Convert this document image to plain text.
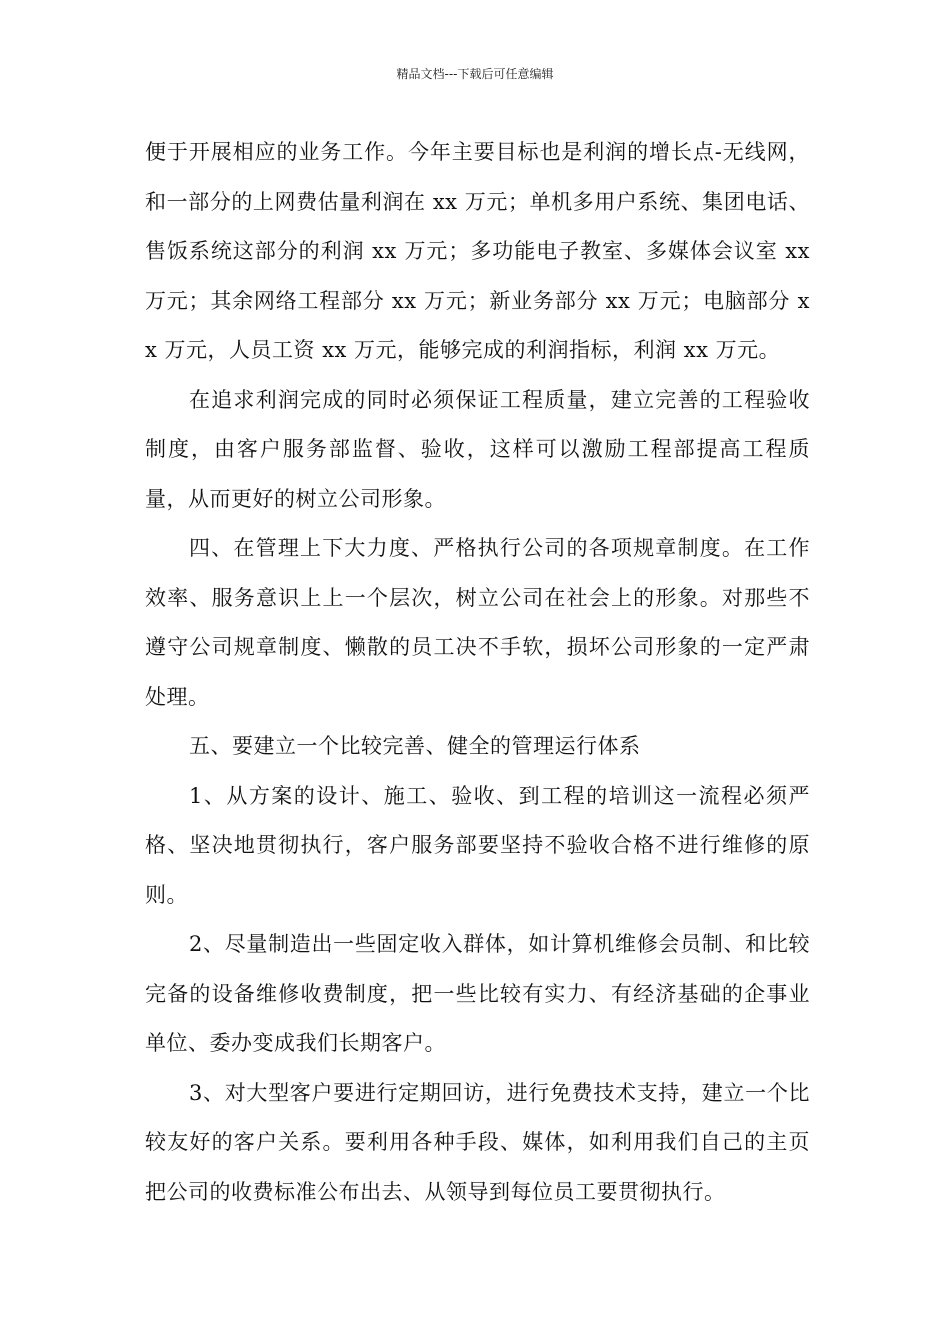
精品文档---下载后可任意编辑

便于开展相应的业务工作。今年主要目标也是利润的增长点-无线网，和一部分的上网费估量利润在 xx 万元；单机多用户系统、集团电话、售饭系统这部分的利润 xx 万元；多功能电子教室、多媒体会议室 xx 万元；其余网络工程部分 xx 万元；新业务部分 xx 万元；电脑部分 xx 万元，人员工资 xx 万元，能够完成的利润指标，利润 xx 万元。

在追求利润完成的同时必须保证工程质量，建立完善的工程验收制度，由客户服务部监督、验收，这样可以激励工程部提高工程质量，从而更好的树立公司形象。

四、在管理上下大力度、严格执行公司的各项规章制度。在工作效率、服务意识上上一个层次，树立公司在社会上的形象。对那些不遵守公司规章制度、懒散的员工决不手软，损坏公司形象的一定严肃处理。

五、要建立一个比较完善、健全的管理运行体系

1、从方案的设计、施工、验收、到工程的培训这一流程必须严格、坚决地贯彻执行，客户服务部要坚持不验收合格不进行维修的原则。

2、尽量制造出一些固定收入群体，如计算机维修会员制、和比较完备的设备维修收费制度，把一些比较有实力、有经济基础的企事业单位、委办变成我们长期客户。

3、对大型客户要进行定期回访，进行免费技术支持，建立一个比较友好的客户关系。要利用各种手段、媒体，如利用我们自己的主页把公司的收费标准公布出去、从领导到每位员工要贯彻执行。
